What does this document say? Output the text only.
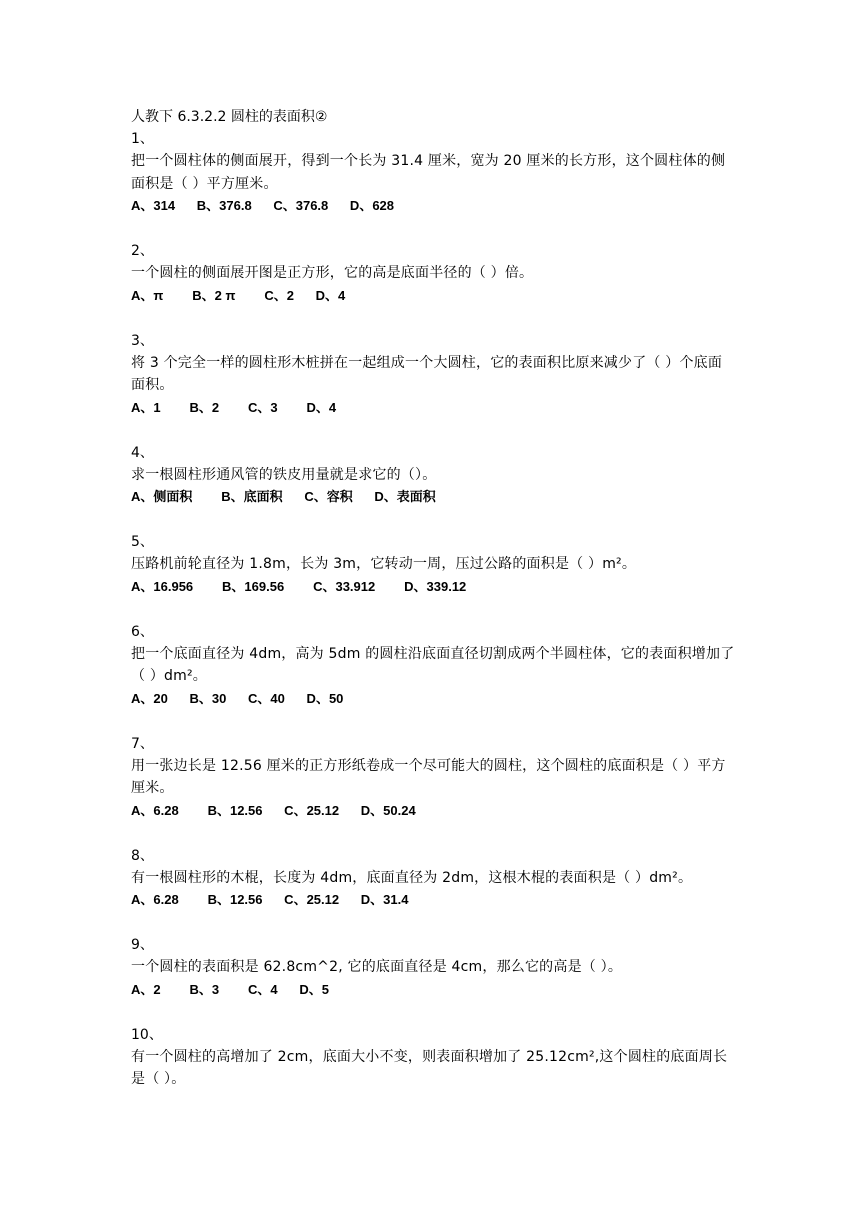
人教下 6.3.2.2 圆柱的表面积②
1、
把一个圆柱体的侧面展开，得到一个长为 31.4 厘米，宽为 20 厘米的长方形，这个圆柱体的侧面积是（ ）平方厘米。
A、314      B、376.8      C、376.8      D、628
2、
一个圆柱的侧面展开图是正方形，它的高是底面半径的（ ）倍。
A、π        B、2 π        C、2      D、4
3、
将 3 个完全一样的圆柱形木桩拼在一起组成一个大圆柱，它的表面积比原来减少了（ ）个底面面积。
A、1        B、2        C、3        D、4
4、
求一根圆柱形通风管的铁皮用量就是求它的（）。
A、侧面积        B、底面积      C、容积      D、表面积
5、
压路机前轮直径为 1.8m，长为 3m，它转动一周，压过公路的面积是（ ）m²。
A、16.956        B、169.56        C、33.912        D、339.12
6、
把一个底面直径为 4dm，高为 5dm 的圆柱沿底面直径切割成两个半圆柱体，它的表面积增加了（ ）dm²。
A、20      B、30      C、40      D、50
7、
用一张边长是 12.56 厘米的正方形纸卷成一个尽可能大的圆柱，这个圆柱的底面积是（ ）平方厘米。
A、6.28        B、12.56      C、25.12      D、50.24
8、
有一根圆柱形的木棍，长度为 4dm，底面直径为 2dm，这根木棍的表面积是（ ）dm²。
A、6.28        B、12.56      C、25.12      D、31.4
9、
一个圆柱的表面积是 62.8cm^2, 它的底面直径是 4cm，那么它的高是（ ）。
A、2        B、3        C、4      D、5
10、
有一个圆柱的高增加了 2cm，底面大小不变，则表面积增加了 25.12cm²,这个圆柱的底面周长是（ ）。
